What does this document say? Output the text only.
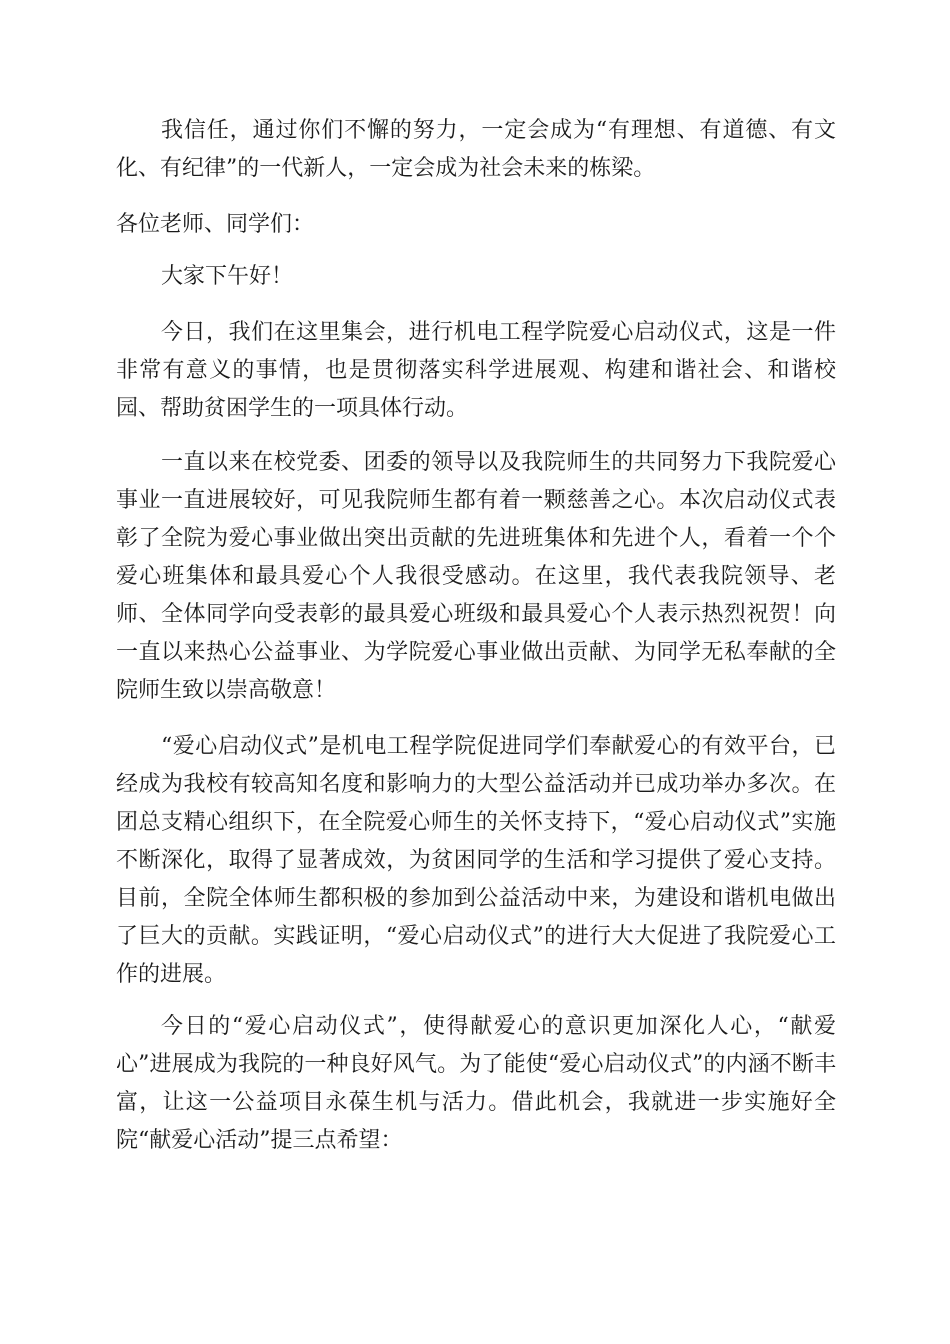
我信任，通过你们不懈的努力，一定会成为“有理想、有道德、有文化、有纪律”的一代新人，一定会成为社会未来的栋梁。

各位老师、同学们：

大家下午好！

今日，我们在这里集会，进行机电工程学院爱心启动仪式，这是一件非常有意义的事情，也是贯彻落实科学进展观、构建和谐社会、和谐校园、帮助贫困学生的一项具体行动。

一直以来在校党委、团委的领导以及我院师生的共同努力下我院爱心事业一直进展较好，可见我院师生都有着一颗慈善之心。本次启动仪式表彰了全院为爱心事业做出突出贡献的先进班集体和先进个人，看着一个个爱心班集体和最具爱心个人我很受感动。在这里，我代表我院领导、老师、全体同学向受表彰的最具爱心班级和最具爱心个人表示热烈祝贺！向一直以来热心公益事业、为学院爱心事业做出贡献、为同学无私奉献的全院师生致以崇高敬意！

“爱心启动仪式”是机电工程学院促进同学们奉献爱心的有效平台，已经成为我校有较高知名度和影响力的大型公益活动并已成功举办多次。在团总支精心组织下，在全院爱心师生的关怀支持下，“爱心启动仪式”实施不断深化，取得了显著成效，为贫困同学的生活和学习提供了爱心支持。目前，全院全体师生都积极的参加到公益活动中来，为建设和谐机电做出了巨大的贡献。实践证明，“爱心启动仪式”的进行大大促进了我院爱心工作的进展。

今日的“爱心启动仪式”，使得献爱心的意识更加深化人心，“献爱心”进展成为我院的一种良好风气。为了能使“爱心启动仪式”的内涵不断丰富，让这一公益项目永葆生机与活力。借此机会，我就进一步实施好全院“献爱心活动”提三点希望：
